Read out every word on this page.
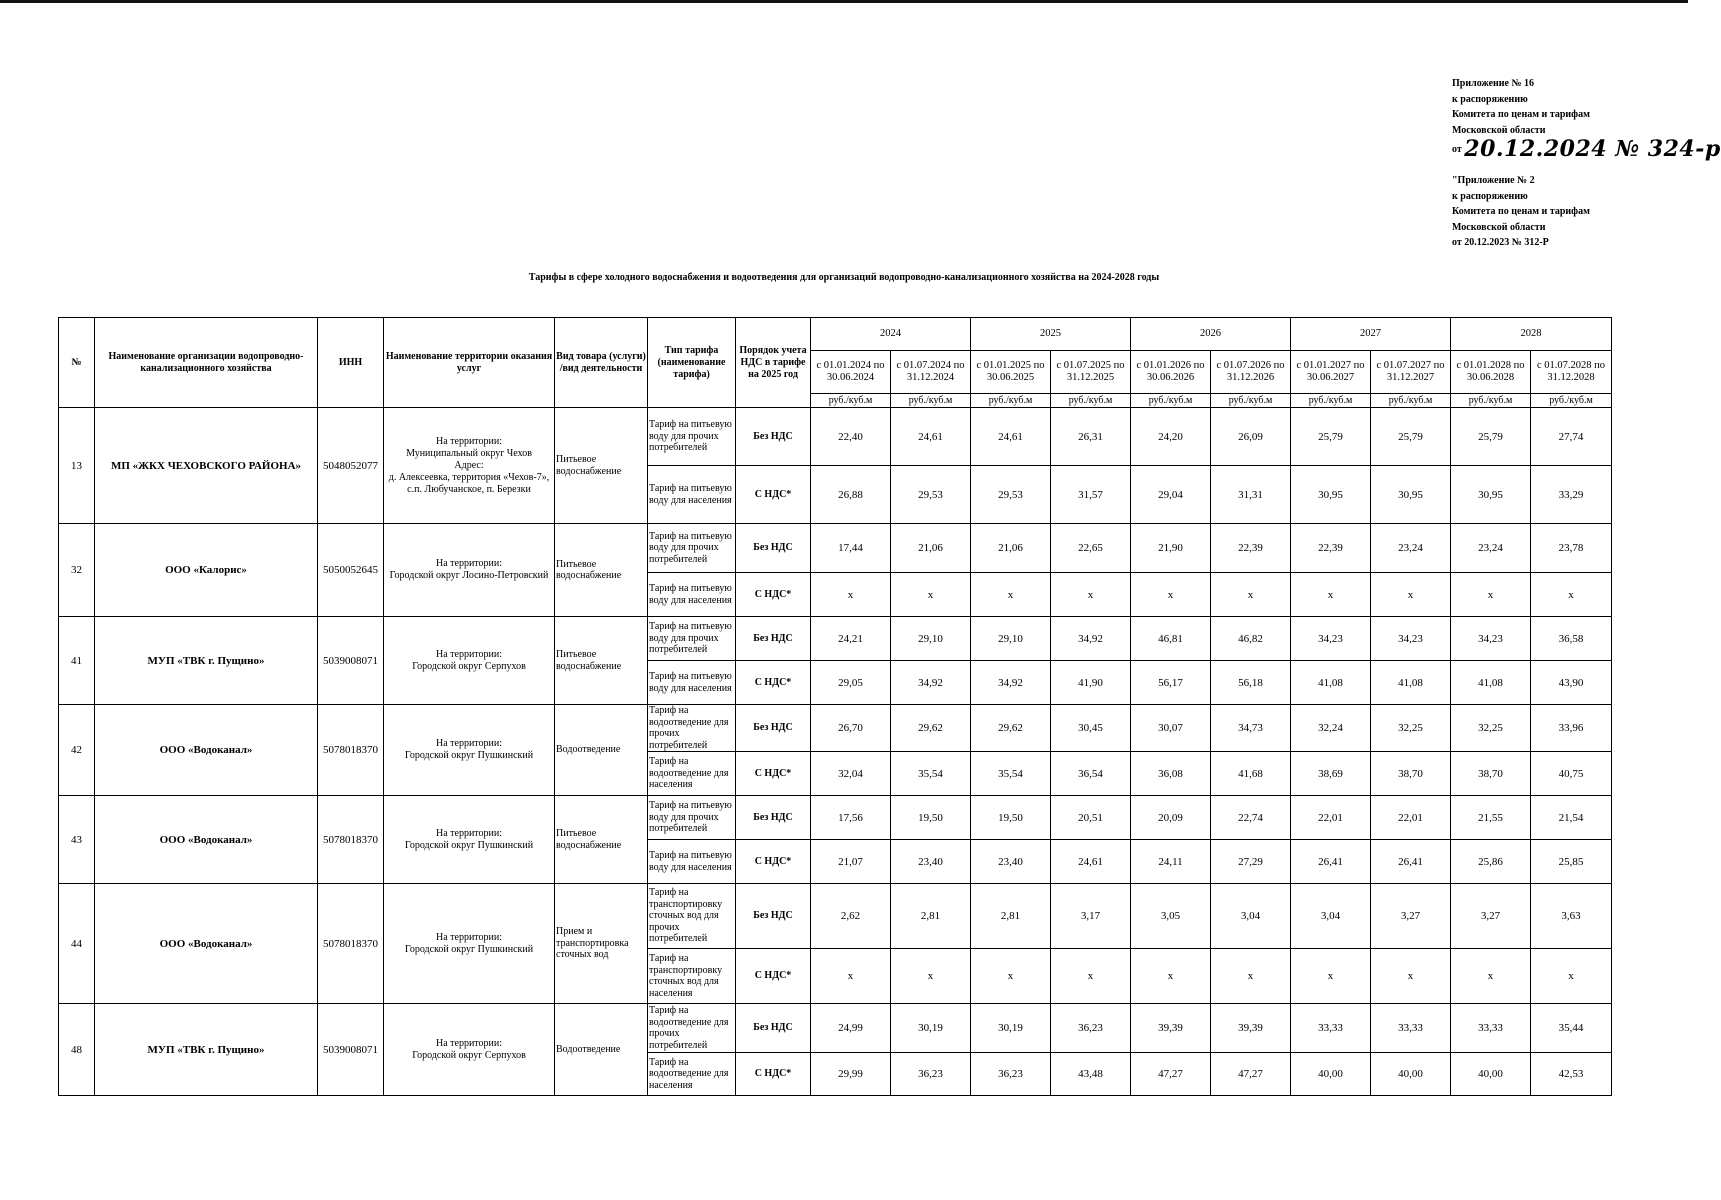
Приложение № 16
к распоряжению
Комитета по ценам и тарифам
Московской области
от 20.12.2024 № 324-р
"Приложение № 2
к распоряжению
Комитета по ценам и тарифам
Московской области
от 20.12.2023 № 312-Р
Тарифы в сфере холодного водоснабжения и водоотведения для организаций водопроводно-канализационного хозяйства на 2024-2028 годы
№	Наименование организации водопроводно-канализационного хозяйства	ИНН	Наименование территории оказания услуг	Вид товара (услуги) /вид деятельности	Тип тарифа (наименование тарифа)	Порядок учета НДС в тарифе на 2025 год	2024		2025		2026		2027		2028	
							с 01.01.2024 по 30.06.2024	с 01.07.2024 по 31.12.2024	с 01.01.2025 по 30.06.2025	с 01.07.2025 по 31.12.2025	с 01.01.2026 по 30.06.2026	с 01.07.2026 по 31.12.2026	с 01.01.2027 по 30.06.2027	с 01.07.2027 по 31.12.2027	с 01.01.2028 по 30.06.2028	с 01.07.2028 по 31.12.2028
							руб./куб.м	руб./куб.м	руб./куб.м	руб./куб.м	руб./куб.м	руб./куб.м	руб./куб.м	руб./куб.м	руб./куб.м	руб./куб.м
13	МП «ЖКХ ЧЕХОВСКОГО РАЙОНА»	5048052077	На территории:
Муниципальный округ Чехов
Адрес:
д. Алексеевка, территория «Чехов-7», с.п. Любучанское, п. Березки	Питьевое водоснабжение	Тариф на питьевую воду для прочих потребителей	Без НДС	22,40	24,61	24,61	26,31	24,20	26,09	25,79	25,79	25,79	27,74
					Тариф на питьевую воду для населения	С НДС*	26,88	29,53	29,53	31,57	29,04	31,31	30,95	30,95	30,95	33,29
32	ООО «Калорис»	5050052645	На территории:
Городской округ Лосино-Петровский	Питьевое водоснабжение	Тариф на питьевую воду для прочих потребителей	Без НДС	17,44	21,06	21,06	22,65	21,90	22,39	22,39	23,24	23,24	23,78
					Тариф на питьевую воду для населения	С НДС*	х	х	х	х	х	х	х	х	х	х
41	МУП «ТВК г. Пущино»	5039008071	На территории:
Городской округ Серпухов	Питьевое водоснабжение	Тариф на питьевую воду для прочих потребителей	Без НДС	24,21	29,10	29,10	34,92	46,81	46,82	34,23	34,23	34,23	36,58
					Тариф на питьевую воду для населения	С НДС*	29,05	34,92	34,92	41,90	56,17	56,18	41,08	41,08	41,08	43,90
42	ООО «Водоканал»	5078018370	На территории:
Городской округ Пушкинский	Водоотведение	Тариф на водоотведение для прочих потребителей	Без НДС	26,70	29,62	29,62	30,45	30,07	34,73	32,24	32,25	32,25	33,96
					Тариф на водоотведение для населения	С НДС*	32,04	35,54	35,54	36,54	36,08	41,68	38,69	38,70	38,70	40,75
43	ООО «Водоканал»	5078018370	На территории:
Городской округ Пушкинский	Питьевое водоснабжение	Тариф на питьевую воду для прочих потребителей	Без НДС	17,56	19,50	19,50	20,51	20,09	22,74	22,01	22,01	21,55	21,54
					Тариф на питьевую воду для населения	С НДС*	21,07	23,40	23,40	24,61	24,11	27,29	26,41	26,41	25,86	25,85
44	ООО «Водоканал»	5078018370	На территории:
Городской округ Пушкинский	Прием и транспортировка сточных вод	Тариф на транспортировку сточных вод для прочих потребителей	Без НДС	2,62	2,81	2,81	3,17	3,05	3,04	3,04	3,27	3,27	3,63
					Тариф на транспортировку сточных вод для населения	С НДС*	х	х	х	х	х	х	х	х	х	х
48	МУП «ТВК г. Пущино»	5039008071	На территории:
Городской округ Серпухов	Водоотведение	Тариф на водоотведение для прочих потребителей	Без НДС	24,99	30,19	30,19	36,23	39,39	39,39	33,33	33,33	33,33	35,44
					Тариф на водоотведение для населения	С НДС*	29,99	36,23	36,23	43,48	47,27	47,27	40,00	40,00	40,00	42,53
